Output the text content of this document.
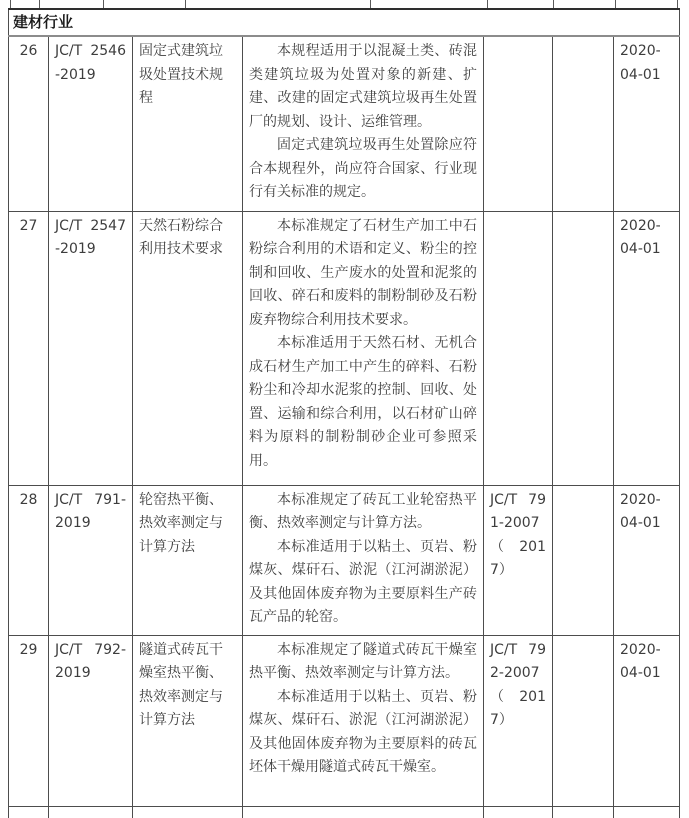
建材行业						
26	JC/T 2546-2019	固定式建筑垃圾处置技术规程	本规程适用于以混凝土类、砖混类建筑垃圾为处置对象的新建、扩建、改建的固定式建筑垃圾再生处置厂的规划、设计、运维管理。

固定式建筑垃圾再生处置除应符合本规程外，尚应符合国家、行业现行有关标准的规定。			2020-04-01
27	JC/T 2547-2019	天然石粉综合利用技术要求	本标准规定了石材生产加工中石粉综合利用的术语和定义、粉尘的控制和回收、生产废水的处置和泥浆的回收、碎石和废料的制粉制砂及石粉废弃物综合利用技术要求。

本标准适用于天然石材、无机合成石材生产加工中产生的碎料、石粉粉尘和冷却水泥浆的控制、回收、处置、运输和综合利用，以石材矿山碎料为原料的制粉制砂企业可参照采用。			2020-04-01
28	JC/T 791-2019	轮窑热平衡、热效率测定与计算方法	本标准规定了砖瓦工业轮窑热平衡、热效率测定与计算方法。

本标准适用于以粘土、页岩、粉煤灰、煤矸石、淤泥（江河湖淤泥）及其他固体废弃物为主要原料生产砖瓦产品的轮窑。	JC/T 791-2007（2017）		2020-04-01
29	JC/T 792-2019	隧道式砖瓦干燥室热平衡、热效率测定与计算方法	本标准规定了隧道式砖瓦干燥室热平衡、热效率测定与计算方法。

本标准适用于以粘土、页岩、粉煤灰、煤矸石、淤泥（江河湖淤泥）及其他固体废弃物为主要原料的砖瓦坯体干燥用隧道式砖瓦干燥室。	JC/T 792-2007（2017）		2020-04-01
